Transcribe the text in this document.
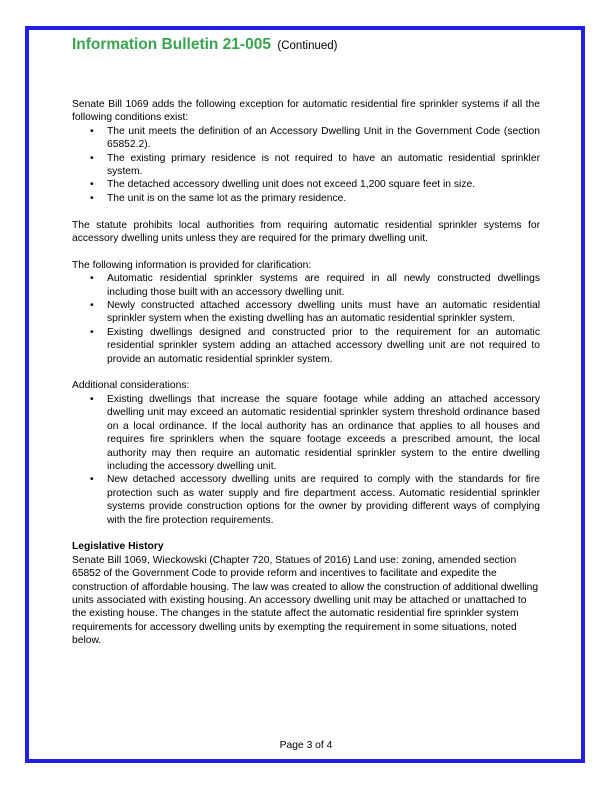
Information Bulletin 21-005 (Continued)

Senate Bill 1069 adds the following exception for automatic residential fire sprinkler systems if all the following conditions exist:

• The unit meets the definition of an Accessory Dwelling Unit in the Government Code (section 65852.2).
• The existing primary residence is not required to have an automatic residential sprinkler system.
• The detached accessory dwelling unit does not exceed 1,200 square feet in size.
• The unit is on the same lot as the primary residence.

The statute prohibits local authorities from requiring automatic residential sprinkler systems for accessory dwelling units unless they are required for the primary dwelling unit.

The following information is provided for clarification:

• Automatic residential sprinkler systems are required in all newly constructed dwellings including those built with an accessory dwelling unit.
• Newly constructed attached accessory dwelling units must have an automatic residential sprinkler system when the existing dwelling has an automatic residential sprinkler system.
• Existing dwellings designed and constructed prior to the requirement for an automatic residential sprinkler system adding an attached accessory dwelling unit are not required to provide an automatic residential sprinkler system.

Additional considerations:

• Existing dwellings that increase the square footage while adding an attached accessory dwelling unit may exceed an automatic residential sprinkler system threshold ordinance based on a local ordinance. If the local authority has an ordinance that applies to all houses and requires fire sprinklers when the square footage exceeds a prescribed amount, the local authority may then require an automatic residential sprinkler system to the entire dwelling including the accessory dwelling unit.
• New detached accessory dwelling units are required to comply with the standards for fire protection such as water supply and fire department access. Automatic residential sprinkler systems provide construction options for the owner by providing different ways of complying with the fire protection requirements.

Legislative History

Senate Bill 1069, Wieckowski (Chapter 720, Statues of 2016) Land use: zoning, amended section 65852 of the Government Code to provide reform and incentives to facilitate and expedite the construction of affordable housing. The law was created to allow the construction of additional dwelling units associated with existing housing. An accessory dwelling unit may be attached or unattached to the existing house. The changes in the statute affect the automatic residential fire sprinkler system requirements for accessory dwelling units by exempting the requirement in some situations, noted below.

Page 3 of 4
